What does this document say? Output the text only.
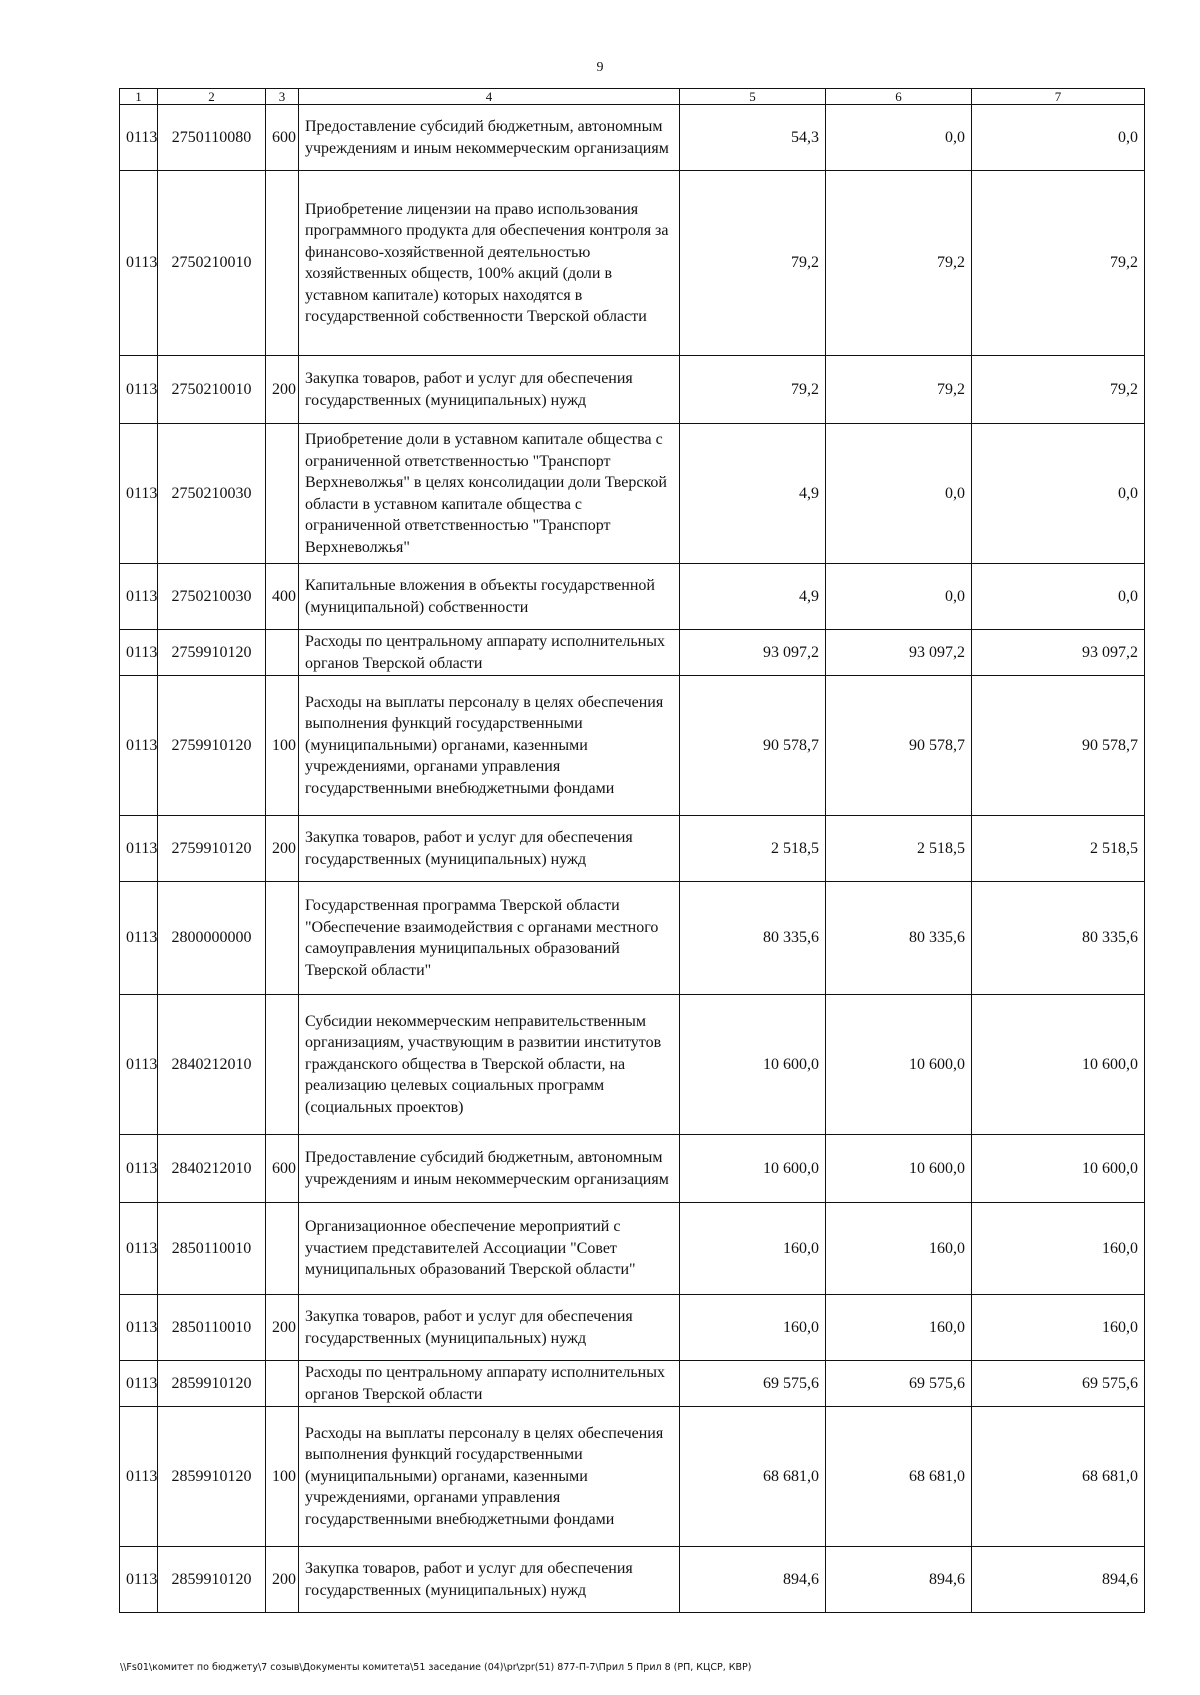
9
1	2	3	4	5	6	7
0113	2750110080	600	Предоставление субсидий бюджетным, автономным учреждениям и иным некоммерческим организациям	54,3	0,0	0,0
0113	2750210010		Приобретение лицензии на право использования программного продукта для обеспечения контроля за финансово-хозяйственной деятельностью хозяйственных обществ, 100% акций (доли в уставном капитале) которых находятся в государственной собственности Тверской области	79,2	79,2	79,2
0113	2750210010	200	Закупка товаров, работ и услуг для обеспечения государственных (муниципальных) нужд	79,2	79,2	79,2
0113	2750210030		Приобретение доли в уставном капитале общества с ограниченной ответственностью "Транспорт Верхневолжья" в целях консолидации доли Тверской области в уставном капитале общества с ограниченной ответственностью "Транспорт Верхневолжья"	4,9	0,0	0,0
0113	2750210030	400	Капитальные вложения в объекты государственной (муниципальной) собственности	4,9	0,0	0,0
0113	2759910120		Расходы по центральному аппарату исполнительных органов Тверской области	93 097,2	93 097,2	93 097,2
0113	2759910120	100	Расходы на выплаты персоналу в целях обеспечения выполнения функций государственными (муниципальными) органами, казенными учреждениями, органами управления государственными внебюджетными фондами	90 578,7	90 578,7	90 578,7
0113	2759910120	200	Закупка товаров, работ и услуг для обеспечения государственных (муниципальных) нужд	2 518,5	2 518,5	2 518,5
0113	2800000000		Государственная программа Тверской области "Обеспечение взаимодействия с органами местного самоуправления муниципальных образований Тверской области"	80 335,6	80 335,6	80 335,6
0113	2840212010		Субсидии некоммерческим неправительственным организациям, участвующим в развитии институтов гражданского общества в Тверской области, на реализацию целевых социальных программ (социальных проектов)	10 600,0	10 600,0	10 600,0
0113	2840212010	600	Предоставление субсидий бюджетным, автономным учреждениям и иным некоммерческим организациям	10 600,0	10 600,0	10 600,0
0113	2850110010		Организационное обеспечение мероприятий с участием представителей Ассоциации "Совет муниципальных образований Тверской области"	160,0	160,0	160,0
0113	2850110010	200	Закупка товаров, работ и услуг для обеспечения государственных (муниципальных) нужд	160,0	160,0	160,0
0113	2859910120		Расходы по центральному аппарату исполнительных органов Тверской области	69 575,6	69 575,6	69 575,6
0113	2859910120	100	Расходы на выплаты персоналу в целях обеспечения выполнения функций государственными (муниципальными) органами, казенными учреждениями, органами управления государственными внебюджетными фондами	68 681,0	68 681,0	68 681,0
0113	2859910120	200	Закупка товаров, работ и услуг для обеспечения государственных (муниципальных) нужд	894,6	894,6	894,6
\\Fs01\комитет по бюджету\7 созыв\Документы комитета\51 заседание (04)\pr\zpr(51) 877-П-7\Прил 5 Прил 8 (РП, КЦСР, КВР)
